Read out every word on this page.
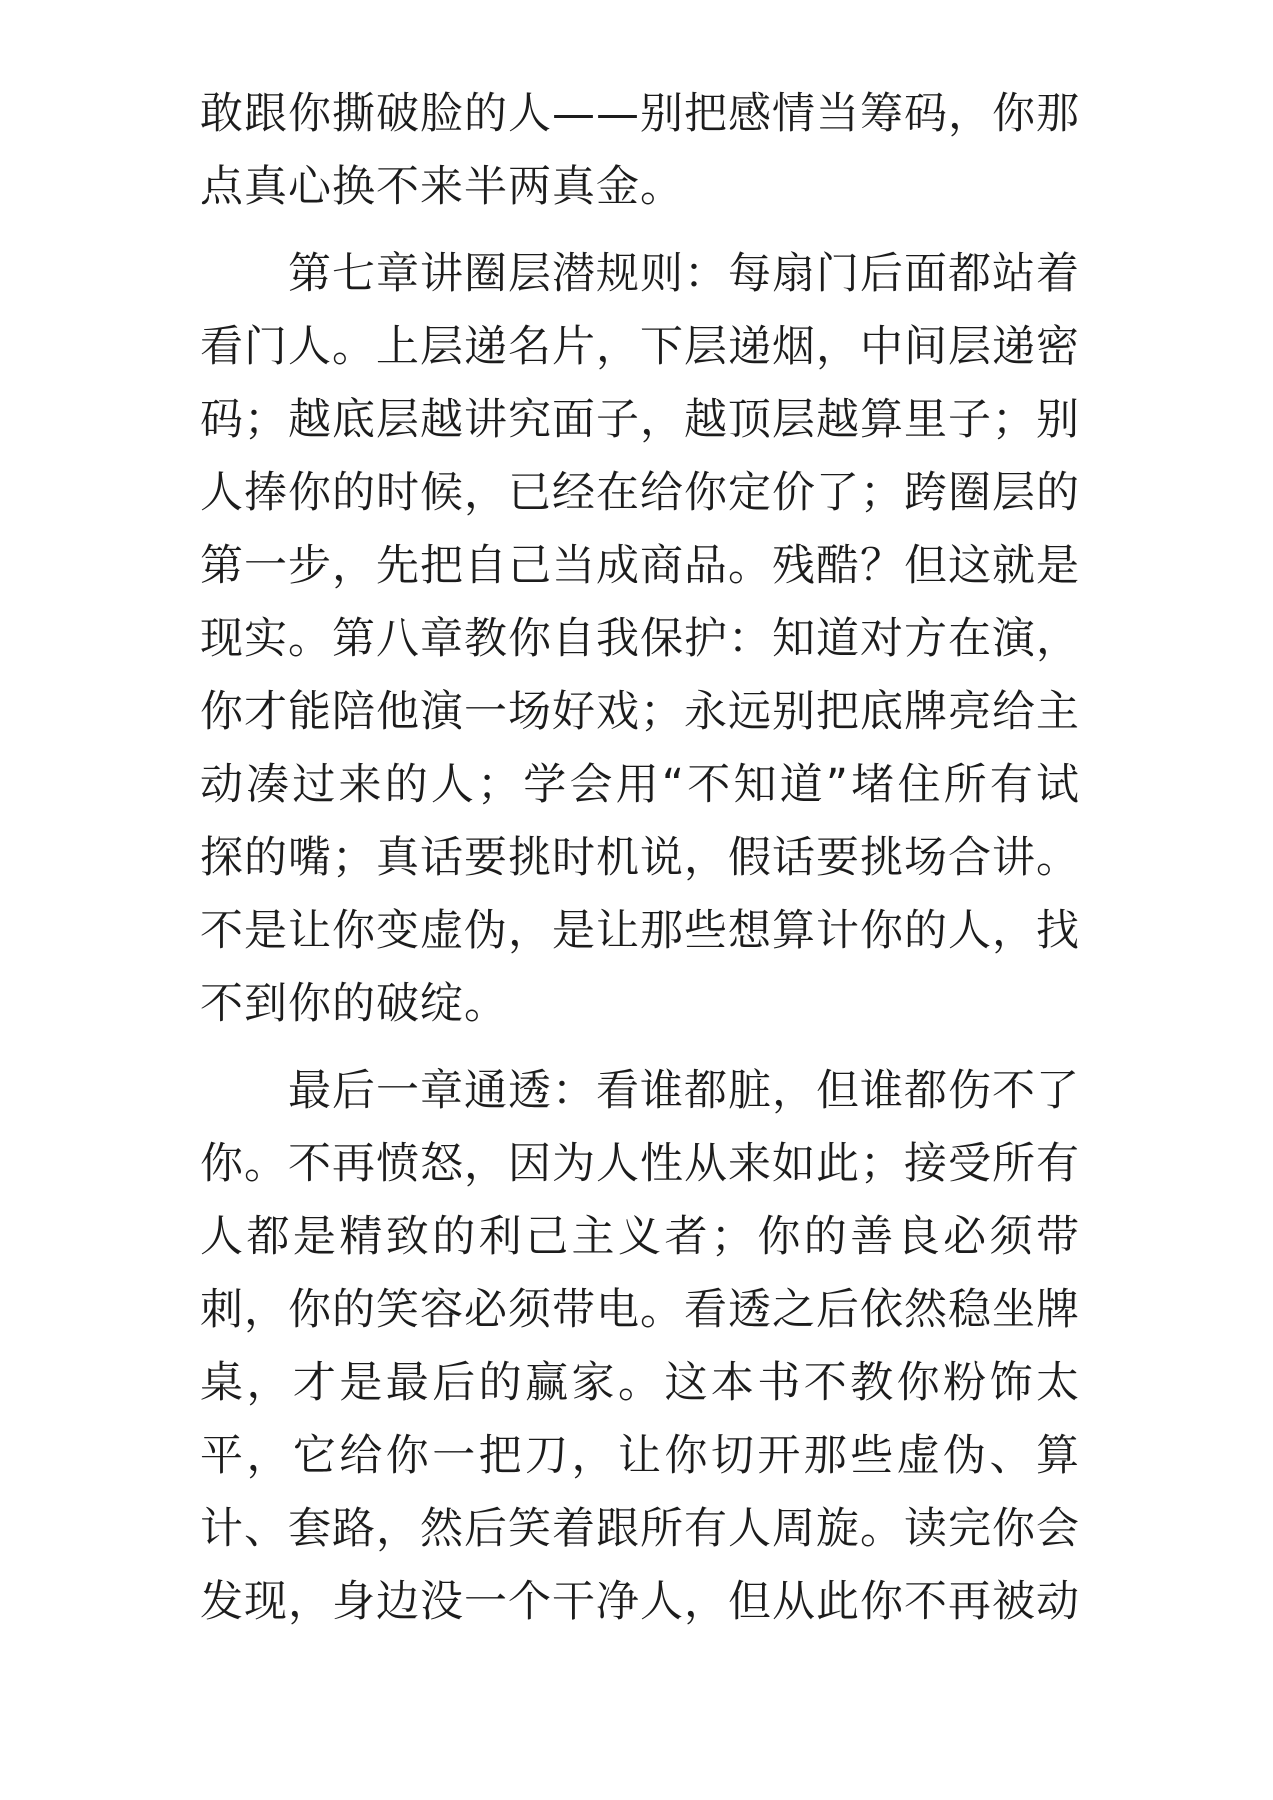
敢跟你撕破脸的人——别把感情当筹码，你那点真心换不来半两真金。

第七章讲圈层潜规则：每扇门后面都站着看门人。上层递名片，下层递烟，中间层递密码；越底层越讲究面子，越顶层越算里子；别人捧你的时候，已经在给你定价了；跨圈层的第一步，先把自己当成商品。残酷？但这就是现实。第八章教你自我保护：知道对方在演，你才能陪他演一场好戏；永远别把底牌亮给主动凑过来的人；学会用“不知道”堵住所有试探的嘴；真话要挑时机说，假话要挑场合讲。不是让你变虚伪，是让那些想算计你的人，找不到你的破绽。

最后一章通透：看谁都脏，但谁都伤不了你。不再愤怒，因为人性从来如此；接受所有人都是精致的利己主义者；你的善良必须带刺，你的笑容必须带电。看透之后依然稳坐牌桌，才是最后的赢家。这本书不教你粉饰太平，它给你一把刀，让你切开那些虚伪、算计、套路，然后笑着跟所有人周旋。读完你会发现，身边没一个干净人，但从此你不再被动
